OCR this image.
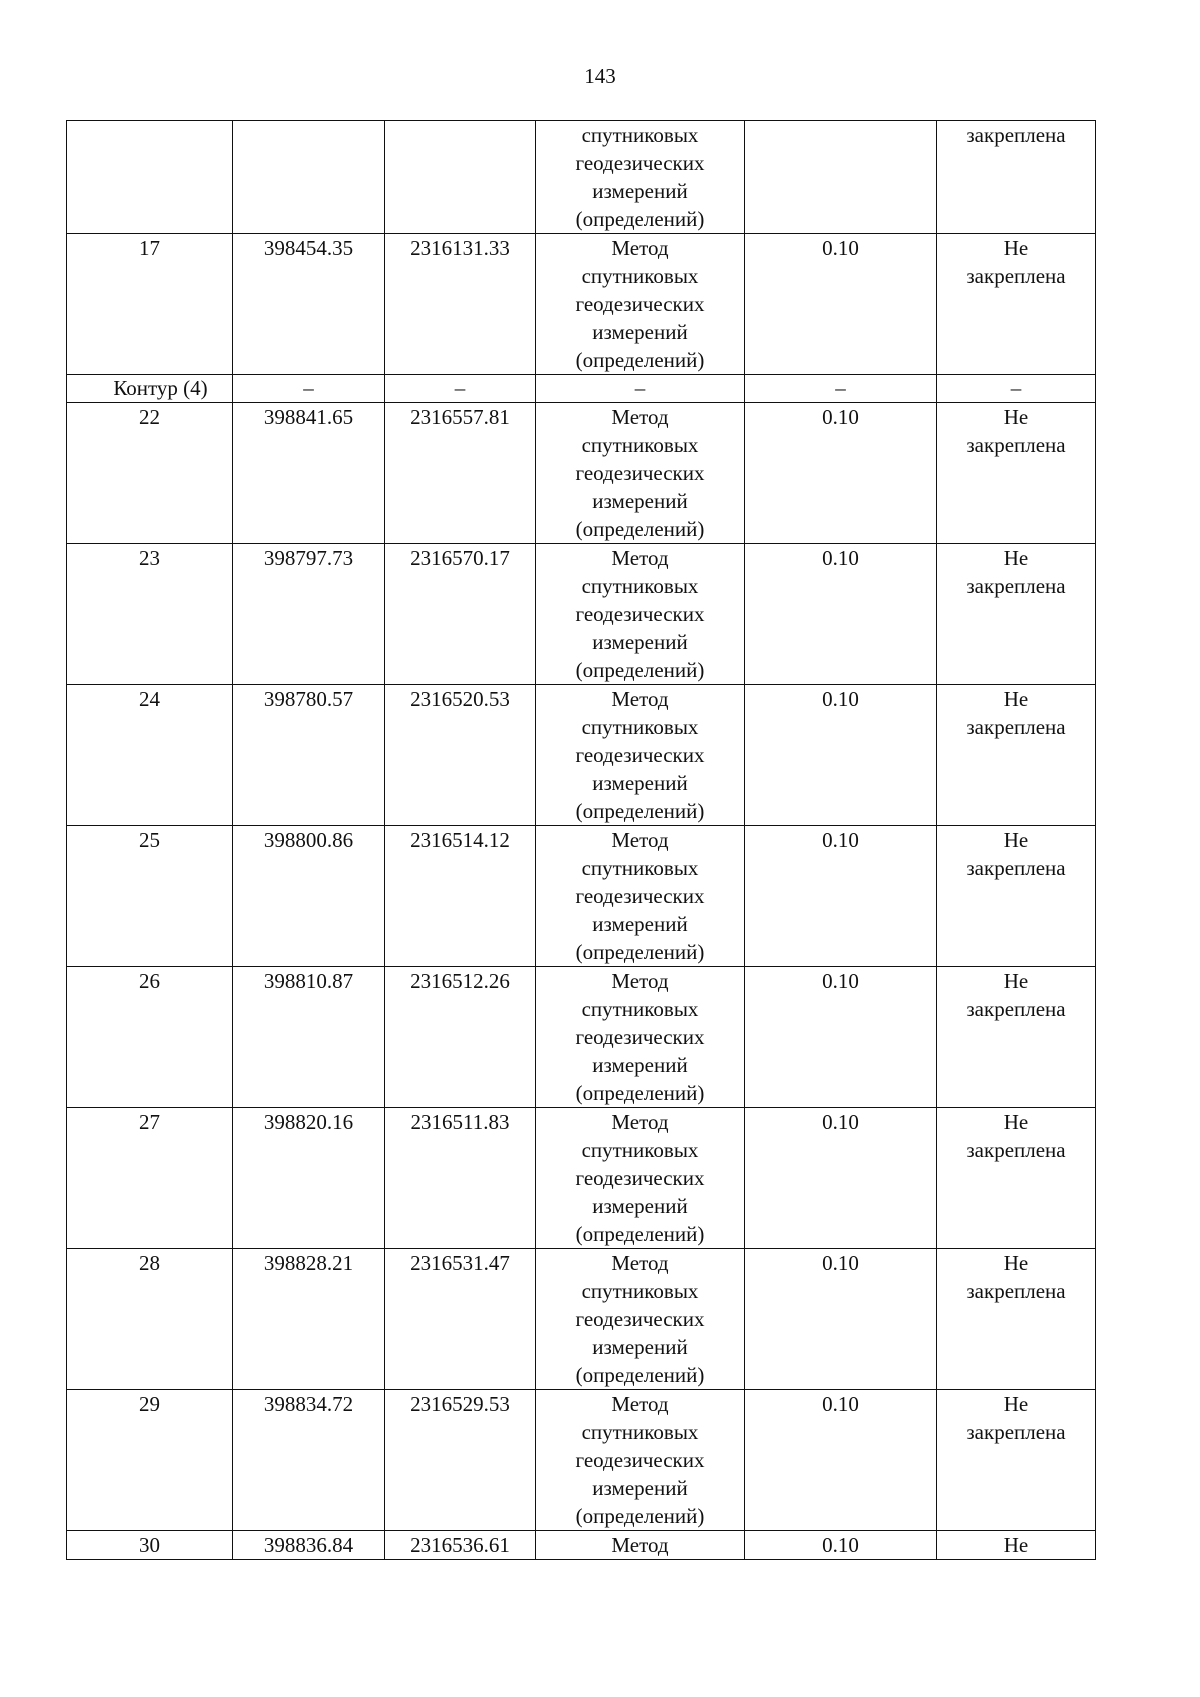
143
			спутниковых
геодезических
измерений
(определений)		закреплена
17	398454.35	2316131.33	Метод
спутниковых
геодезических
измерений
(определений)	0.10	Не
закреплена
Контур (4)	–	–	–	–	–
22	398841.65	2316557.81	Метод
спутниковых
геодезических
измерений
(определений)	0.10	Не
закреплена
23	398797.73	2316570.17	Метод
спутниковых
геодезических
измерений
(определений)	0.10	Не
закреплена
24	398780.57	2316520.53	Метод
спутниковых
геодезических
измерений
(определений)	0.10	Не
закреплена
25	398800.86	2316514.12	Метод
спутниковых
геодезических
измерений
(определений)	0.10	Не
закреплена
26	398810.87	2316512.26	Метод
спутниковых
геодезических
измерений
(определений)	0.10	Не
закреплена
27	398820.16	2316511.83	Метод
спутниковых
геодезических
измерений
(определений)	0.10	Не
закреплена
28	398828.21	2316531.47	Метод
спутниковых
геодезических
измерений
(определений)	0.10	Не
закреплена
29	398834.72	2316529.53	Метод
спутниковых
геодезических
измерений
(определений)	0.10	Не
закреплена
30	398836.84	2316536.61	Метод	0.10	Не
